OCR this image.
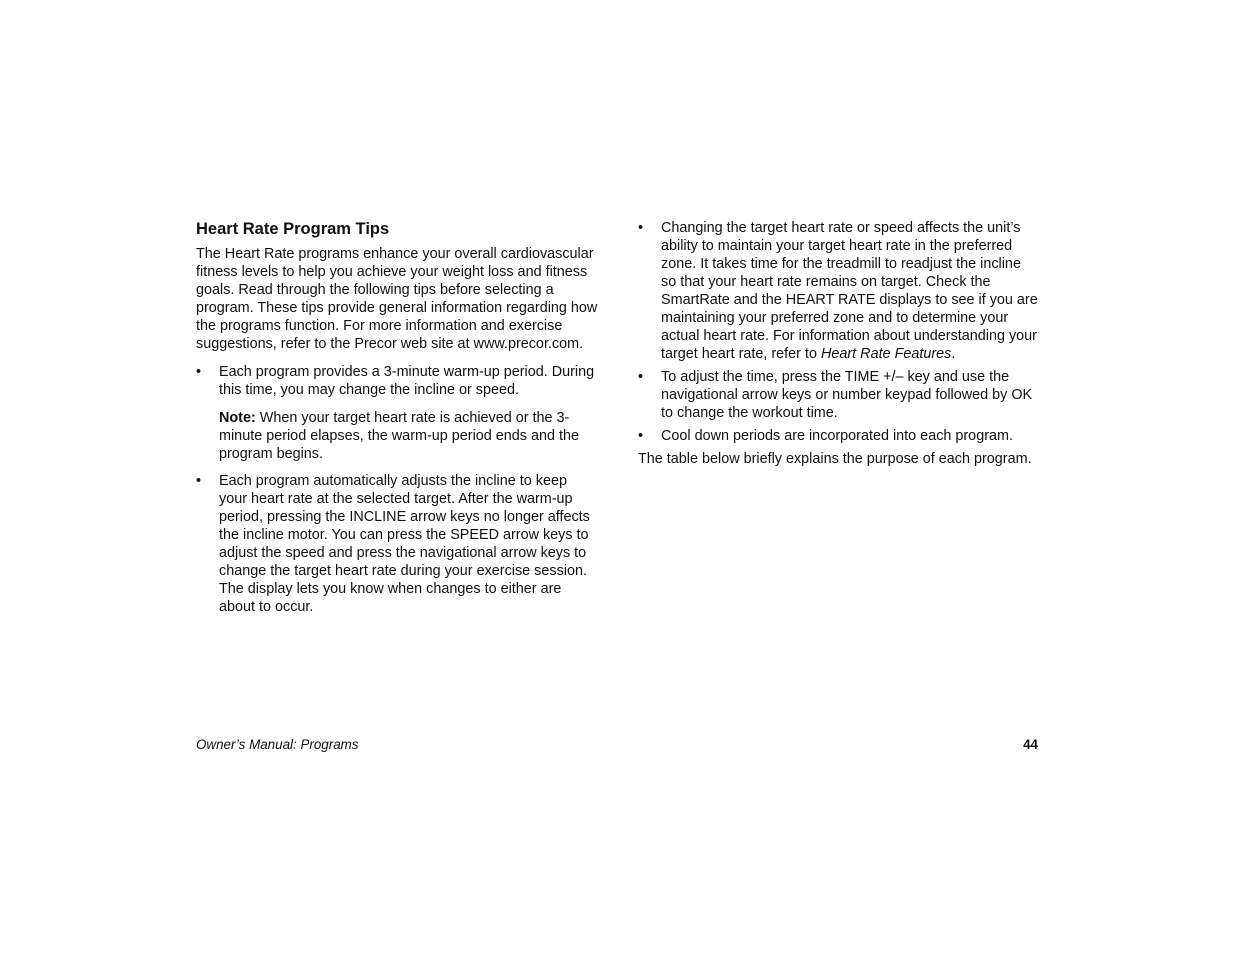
Heart Rate Program Tips

The Heart Rate programs enhance your overall cardiovascular fitness levels to help you achieve your weight loss and fitness goals. Read through the following tips before selecting a program. These tips provide general information regarding how the programs function. For more information and exercise suggestions, refer to the Precor web site at www.precor.com.

•	Each program provides a 3-minute warm-up period. During this time, you may change the incline or speed.
Note: When your target heart rate is achieved or the 3-minute period elapses, the warm-up period ends and the program begins.
•	Each program automatically adjusts the incline to keep your heart rate at the selected target. After the warm-up period, pressing the INCLINE arrow keys no longer affects the incline motor. You can press the SPEED arrow keys to adjust the speed and press the navigational arrow keys to change the target heart rate during your exercise session. The display lets you know when changes to either are about to occur.
•	Changing the target heart rate or speed affects the unit’s ability to maintain your target heart rate in the preferred zone. It takes time for the treadmill to readjust the incline so that your heart rate remains on target. Check the SmartRate and the HEART RATE displays to see if you are maintaining your preferred zone and to determine your actual heart rate. For information about understanding your target heart rate, refer to Heart Rate Features.
•	To adjust the time, press the TIME +/– key and use the navigational arrow keys or number keypad followed by OK to change the workout time.
•	Cool down periods are incorporated into each program.

The table below briefly explains the purpose of each program.

Owner’s Manual: Programs	44
